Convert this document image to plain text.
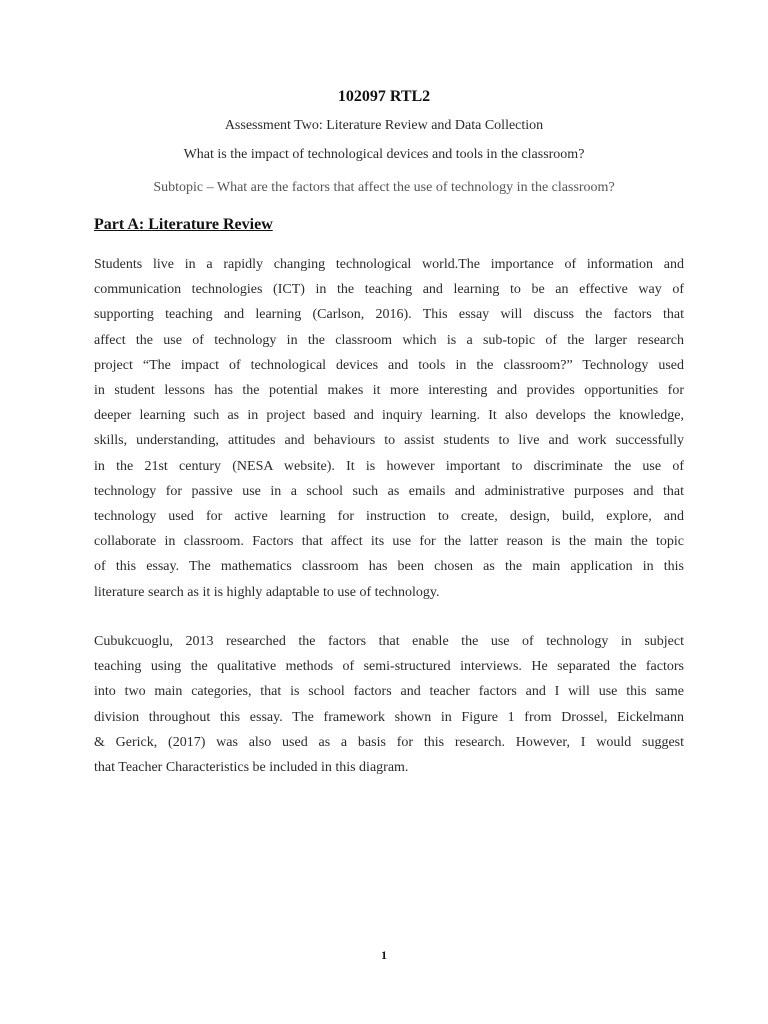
102097 RTL2
Assessment Two: Literature Review and Data Collection
What is the impact of technological devices and tools in the classroom?
Subtopic – What are the factors that affect the use of technology in the classroom?
Part A: Literature Review
Students live in a rapidly changing technological world.The importance of information and
communication technologies (ICT) in the teaching and learning to be an effective way of
supporting teaching and learning (Carlson, 2016). This essay will discuss the factors that
affect the use of technology in the classroom which is a sub-topic of the larger research
project “The impact of technological devices and tools in the classroom?” Technology used
in student lessons has the potential makes it more interesting and provides opportunities for
deeper learning such as in project based and inquiry learning. It also develops the knowledge,
skills, understanding, attitudes and behaviours to assist students to live and work successfully
in the 21st century (NESA website). It is however important to discriminate the use of
technology for passive use in a school such as emails and administrative purposes and that
technology used for active learning for instruction to create, design, build, explore, and
collaborate in classroom. Factors that affect its use for the latter reason is the main the topic
of this essay. The mathematics classroom has been chosen as the main application in this
literature search as it is highly adaptable to use of technology.
Cubukcuoglu, 2013 researched the factors that enable the use of technology in subject
teaching using the qualitative methods of semi-structured interviews. He separated the factors
into two main categories, that is school factors and teacher factors and I will use this same
division throughout this essay. The framework shown in Figure 1 from Drossel, Eickelmann
& Gerick, (2017) was also used as a basis for this research. However, I would suggest
that Teacher Characteristics be included in this diagram.
1
